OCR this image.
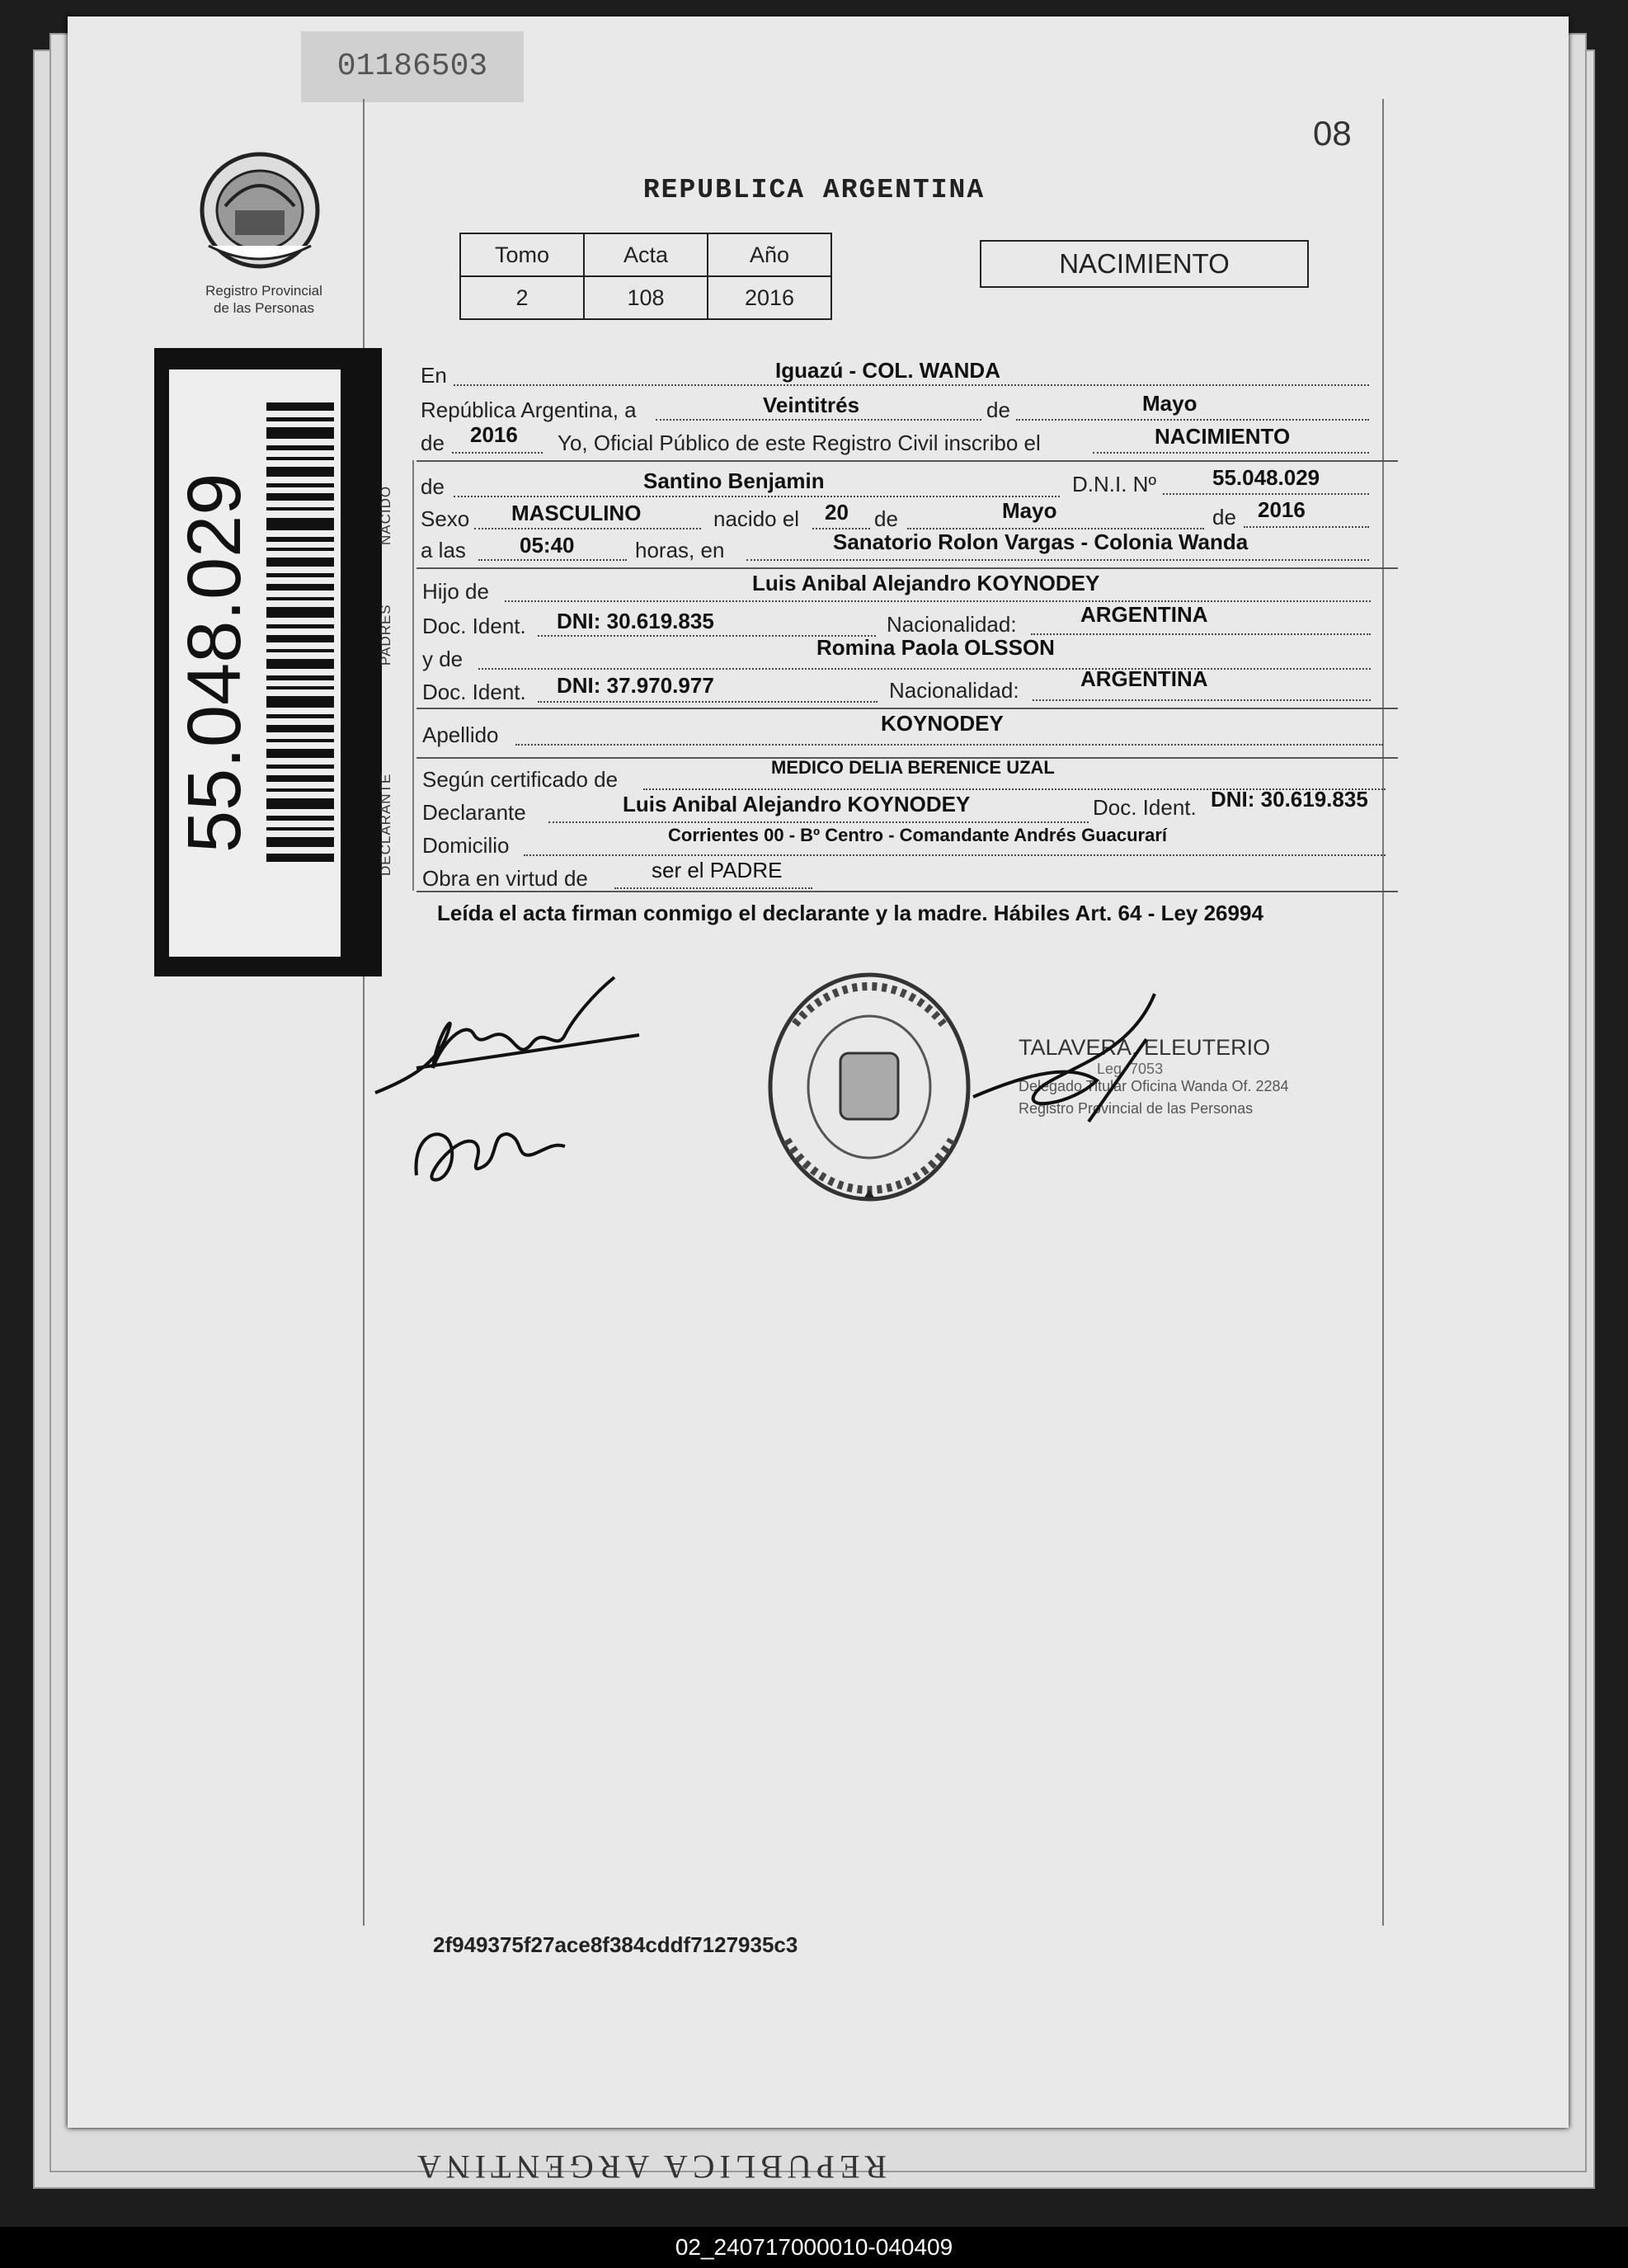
01186503
08
Registro Provincial
de las Personas
55.048.029
REPUBLICA ARGENTINA
Tomo	Acta	Año
2	108	2016
NACIMIENTO
NACIDO
PADRES
DECLARANTE
En	Iguazú - COL. WANDA
República Argentina, a	Veintitrés	de	Mayo
de 2016 Yo, Oficial Público de este Registro Civil inscribo el	NACIMIENTO
de	Santino Benjamin	D.N.I. Nº	55.048.029
Sexo MASCULINO	nacido el 20 de	Mayo	de 2016
a las	05:40	horas, en	Sanatorio Rolon Vargas - Colonia Wanda
Hijo de	Luis Anibal Alejandro KOYNODEY
Doc. Ident. DNI: 30.619.835	Nacionalidad:	ARGENTINA
y de	Romina Paola OLSSON
Doc. Ident. DNI: 37.970.977	Nacionalidad:	ARGENTINA
Apellido	KOYNODEY
Según certificado de	MEDICO DELIA BERENICE UZAL
Declarante	Luis Anibal Alejandro KOYNODEY	Doc. Ident. DNI: 30.619.835
Domicilio	Corrientes 00 - Bº Centro - Comandante Andrés Guacurarí
Obra en virtud de	ser el PADRE
Leída el acta firman conmigo el declarante y la madre. Hábiles Art. 64 - Ley 26994
TALAVERA, ELEUTERIO
Leg. 7053
Delegado Titular Oficina Wanda Of. 2284
Registro Provincial de las Personas
2f949375f27ace8f384cddf7127935c3
REPUBLICA ARGENTINA
02_240717000010-040409
